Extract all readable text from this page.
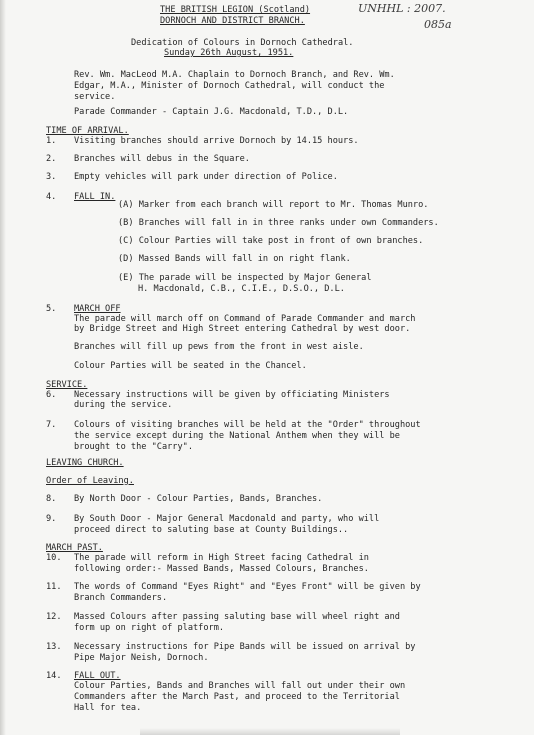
THE BRITISH LEGION (Scotland)
DORNOCH AND DISTRICT BRANCH.
UNHHL : 2007.
085a
Dedication of Colours in Dornoch Cathedral.
Sunday 26th August, 1951.
Rev. Wm. MacLeod M.A. Chaplain to Dornoch Branch, and Rev. Wm.
Edgar, M.A., Minister of Dornoch Cathedral, will conduct the
service.
Parade Commander - Captain J.G. Macdonald, T.D., D.L.
TIME OF ARRIVAL.
1. Visiting branches should arrive Dornoch by 14.15 hours.
2. Branches will debus in the Square.
3. Empty vehicles will park under direction of Police.
4. FALL IN.
(A) Marker from each branch will report to Mr. Thomas Munro.
(B) Branches will fall in in three ranks under own Commanders.
(C) Colour Parties will take post in front of own branches.
(D) Massed Bands will fall in on right flank.
(E) The parade will be inspected by Major General
H. Macdonald, C.B., C.I.E., D.S.O., D.L.
5. MARCH OFF
The parade will march off on Command of Parade Commander and march
by Bridge Street and High Street entering Cathedral by west door.
Branches will fill up pews from the front in west aisle.
Colour Parties will be seated in the Chancel.
SERVICE.
6. Necessary instructions will be given by officiating Ministers
during the service.
7. Colours of visiting branches will be held at the "Order" throughout
the service except during the National Anthem when they will be
brought to the "Carry".
LEAVING CHURCH.
Order of Leaving.
8. By North Door - Colour Parties, Bands, Branches.
9. By South Door - Major General Macdonald and party, who will
proceed direct to saluting base at County Buildings..
MARCH PAST.
10. The parade will reform in High Street facing Cathedral in
following order:- Massed Bands, Massed Colours, Branches.
11. The words of Command "Eyes Right" and "Eyes Front" will be given by
Branch Commanders.
12. Massed Colours after passing saluting base will wheel right and
form up on right of platform.
13. Necessary instructions for Pipe Bands will be issued on arrival by
Pipe Major Neish, Dornoch.
14. FALL OUT.
Colour Parties, Bands and Branches will fall out under their own
Commanders after the March Past, and proceed to the Territorial
Hall for tea.
